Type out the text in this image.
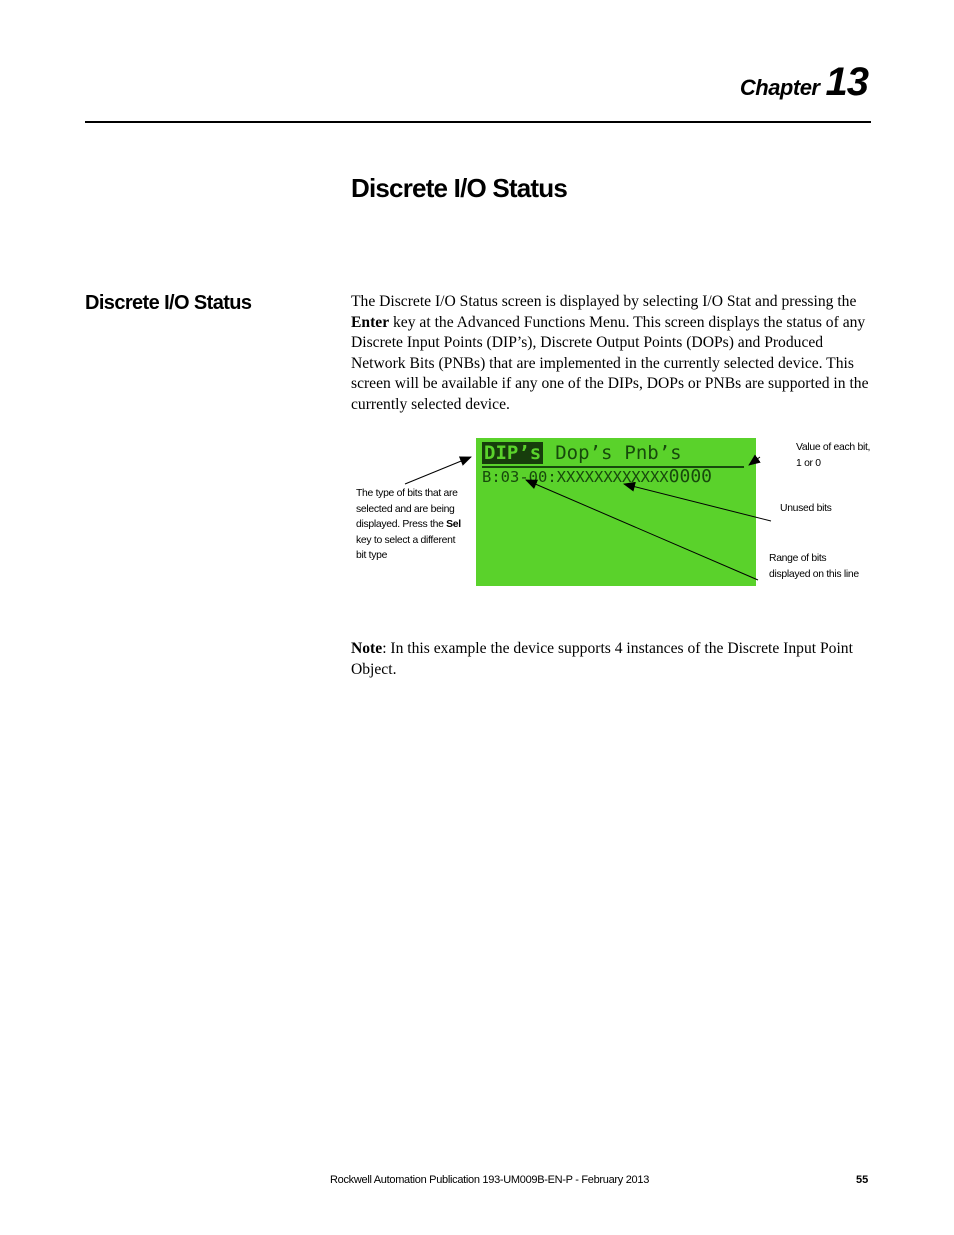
Chapter 13
Discrete I/O Status
Discrete I/O Status	The Discrete I/O Status screen is displayed by selecting I/O Stat and pressing the Enter key at the Advanced Functions Menu. This screen displays the status of any Discrete Input Points (DIP’s), Discrete Output Points (DOPs) and Produced Network Bits (PNBs) that are implemented in the currently selected device. This screen will be available if any one of the DIPs, DOPs or PNBs are supported in the currently selected device.

DIP’s Dop’s Pnb’s
B:03-00:XXXXXXXXXXXX0000

The type of bits that are selected and are being displayed. Press the Sel key to select a different bit type

Value of each bit, 1 or 0

Unused bits

Range of bits displayed on this line

Note: In this example the device supports 4 instances of the Discrete Input Point Object.

Rockwell Automation Publication 193-UM009B-EN-P - February 2013	55
